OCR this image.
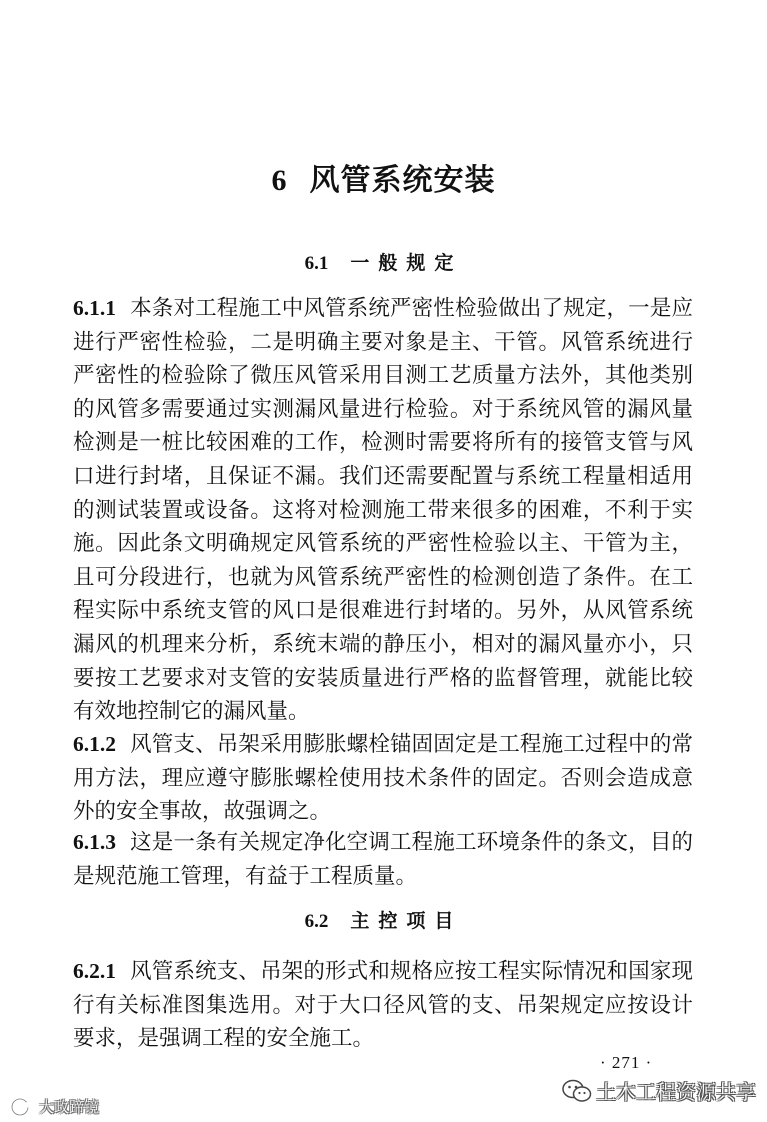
6 风管系统安装
6.1 一般规定

6.1.1 本条对工程施工中风管系统严密性检验做出了规定，一是应进行严密性检验，二是明确主要对象是主、干管。风管系统进行严密性的检验除了微压风管采用目测工艺质量方法外，其他类别的风管多需要通过实测漏风量进行检验。对于系统风管的漏风量检测是一桩比较困难的工作，检测时需要将所有的接管支管与风口进行封堵，且保证不漏。我们还需要配置与系统工程量相适用的测试装置或设备。这将对检测施工带来很多的困难，不利于实施。因此条文明确规定风管系统的严密性检验以主、干管为主，且可分段进行，也就为风管系统严密性的检测创造了条件。在工程实际中系统支管的风口是很难进行封堵的。另外，从风管系统漏风的机理来分析，系统末端的静压小，相对的漏风量亦小，只要按工艺要求对支管的安装质量进行严格的监督管理，就能比较有效地控制它的漏风量。

6.1.2 风管支、吊架采用膨胀螺栓锚固固定是工程施工过程中的常用方法，理应遵守膨胀螺栓使用技术条件的固定。否则会造成意外的安全事故，故强调之。

6.1.3 这是一条有关规定净化空调工程施工环境条件的条文，目的是规范施工管理，有益于工程质量。

6.2 主控项目

6.2.1 风管系统支、吊架的形式和规格应按工程实际情况和国家现行有关标准图集选用。对于大口径风管的支、吊架规定应按设计要求，是强调工程的安全施工。

· 271 ·
土木工程资源共享
大政蹄镜
